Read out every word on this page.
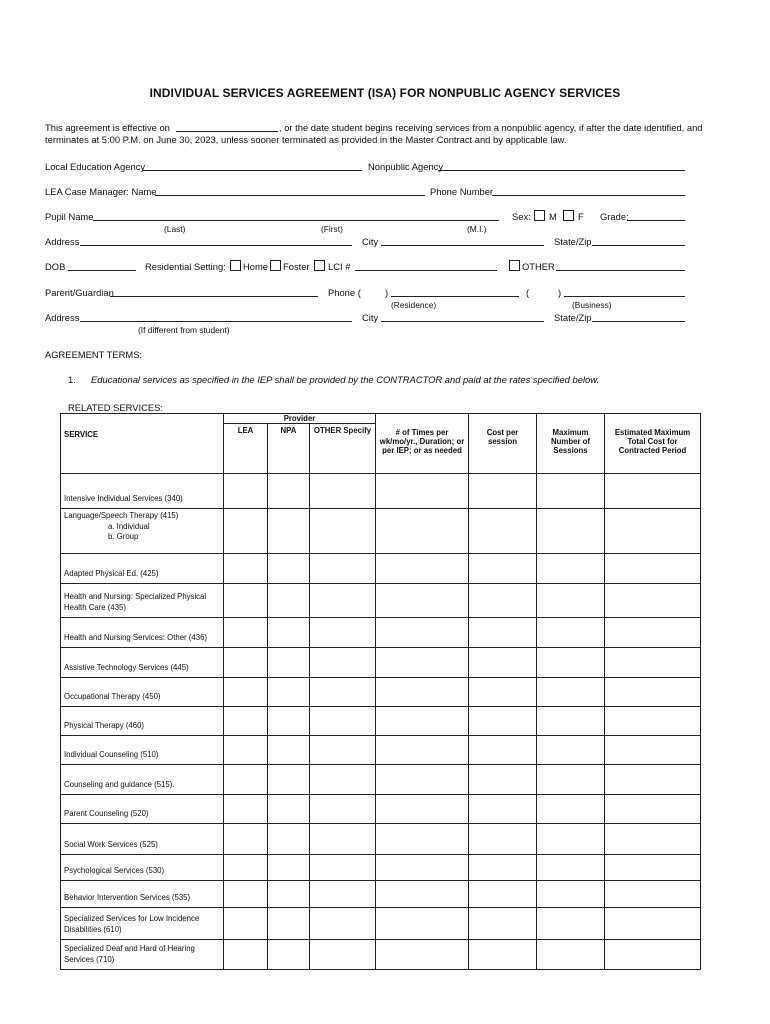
INDIVIDUAL SERVICES AGREEMENT (ISA) FOR NONPUBLIC AGENCY SERVICES
This agreement is effective on	, or the date student begins receiving services from a nonpublic agency, if after the date identified, and
terminates at 5:00 P.M. on June 30, 2023, unless sooner terminated as provided in the Master Contract and by applicable law.
Local Education Agency	Nonpublic Agency
LEA Case Manager: Name	Phone Number
Pupil Name	Sex: M F Grade:
(Last)	(First)	(M.I.)
Address	City	State/Zip
DOB	Residential Setting: Home Foster LCI #	OTHER
Parent/Guardian	Phone (	)	(	)
(Residence)	(Business)
Address	City	State/Zip
(If different from student)
AGREEMENT TERMS:
1. Educational services as specified in the IEP shall be provided by the CONTRACTOR and paid at the rates specified below.
RELATED SERVICES:
SERVICE	Provider			# of Times per wk/mo/yr., Duration; or per IEP; or as needed	Cost per session	Maximum Number of Sessions	Estimated Maximum Total Cost for Contracted Period
	LEA	NPA	OTHER Specify				
Intensive Individual Services (340)							
Language/Speech Therapy (415)
a. Individual
b. Group							

Adapted Physical Ed. (425)							
Health and Nursing: Specialized Physical Health Care (435)							
Health and Nursing Services: Other (436)							
Assistive Technology Services (445)							
Occupational Therapy (450)							
Physical Therapy (460)							
Individual Counseling (510)							
Counseling and guidance (515).							
Parent Counseling (520)							
Social Work Services (525)							
Psychological Services (530)							
Behavior Intervention Services (535)							
Specialized Services for Low Incidence Disabilities (610)							
Specialized Deaf and Hard of Hearing Services (710)							
